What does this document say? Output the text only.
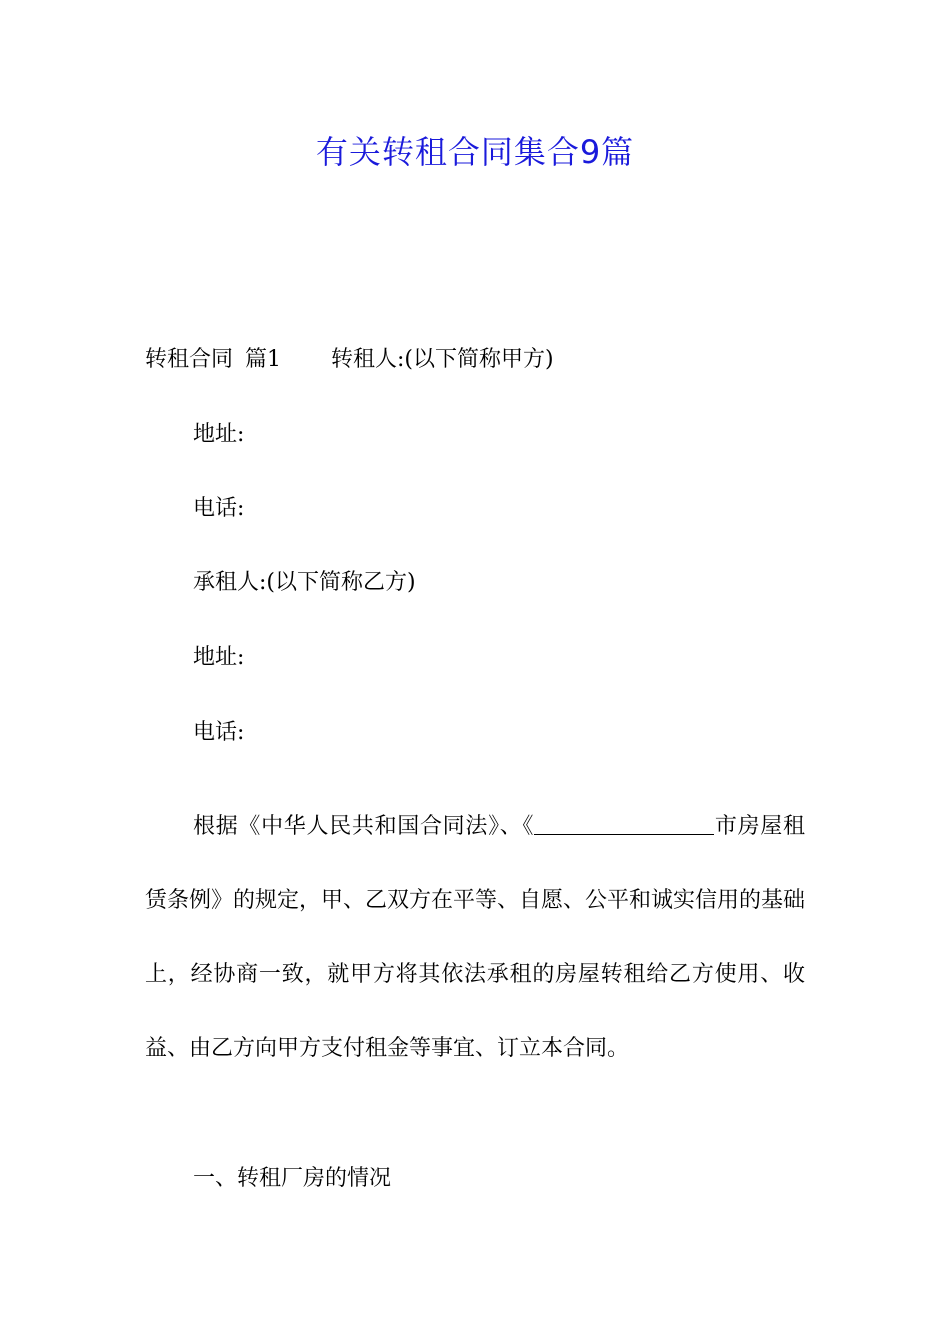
有关转租合同集合9篇
转租合同 篇1 转租人:(以下简称甲方)
地址:
电话:
承租人:(以下简称乙方)
地址:
电话:

根据《中华人民共和国合同法》、《	市房屋租赁条例》的规定，甲、乙双方在平等、自愿、公平和诚实信用的基础上，经协商一致，就甲方将其依法承租的房屋转租给乙方使用、收益、由乙方向甲方支付租金等事宜、订立本合同。

一、转租厂房的情况
